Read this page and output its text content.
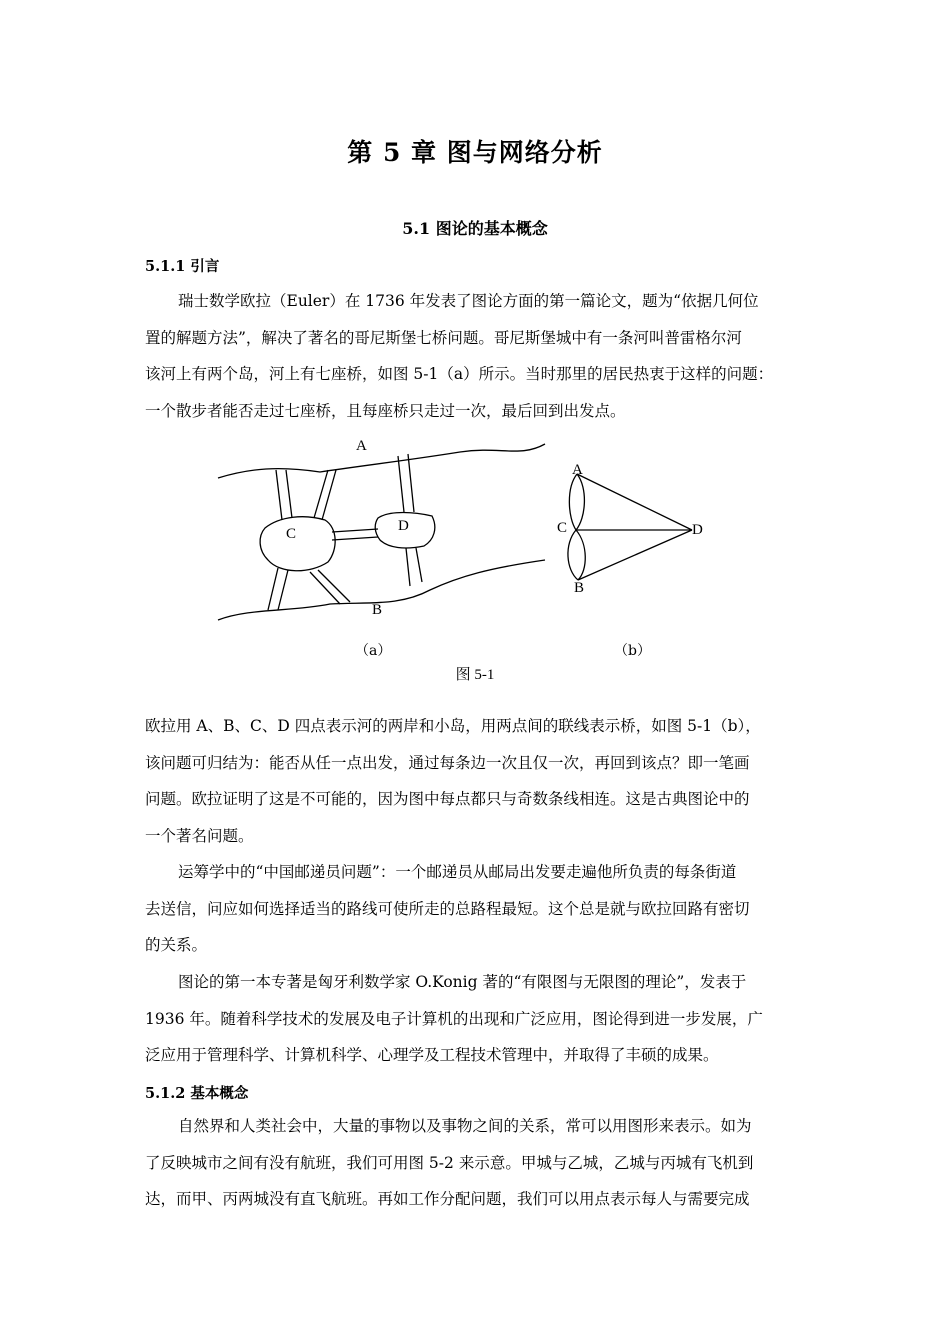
第 5 章 图与网络分析
5.1 图论的基本概念
5.1.1 引言
瑞士数学欧拉（Euler）在 1736 年发表了图论方面的第一篇论文，题为“依据几何位
置的解题方法”，解决了著名的哥尼斯堡七桥问题。哥尼斯堡城中有一条河叫普雷格尔河
该河上有两个岛，河上有七座桥，如图 5-1（a）所示。当时那里的居民热衷于这样的问题：
一个散步者能否走过七座桥，且每座桥只走过一次，最后回到出发点。
A
C	D
B
A
C	D
B
（a）	（b）
图 5-1
欧拉用 A、B、C、D 四点表示河的两岸和小岛，用两点间的联线表示桥，如图 5-1（b），
该问题可归结为：能否从任一点出发，通过每条边一次且仅一次，再回到该点？即一笔画
问题。欧拉证明了这是不可能的，因为图中每点都只与奇数条线相连。这是古典图论中的
一个著名问题。
运筹学中的“中国邮递员问题”：一个邮递员从邮局出发要走遍他所负责的每条街道
去送信，问应如何选择适当的路线可使所走的总路程最短。这个总是就与欧拉回路有密切
的关系。
图论的第一本专著是匈牙利数学家 O.Konig 著的“有限图与无限图的理论”，发表于
1936 年。随着科学技术的发展及电子计算机的出现和广泛应用，图论得到进一步发展，广
泛应用于管理科学、计算机科学、心理学及工程技术管理中，并取得了丰硕的成果。
5.1.2 基本概念
自然界和人类社会中，大量的事物以及事物之间的关系，常可以用图形来表示。如为
了反映城市之间有没有航班，我们可用图 5-2 来示意。甲城与乙城，乙城与丙城有飞机到
达，而甲、丙两城没有直飞航班。再如工作分配问题，我们可以用点表示每人与需要完成
